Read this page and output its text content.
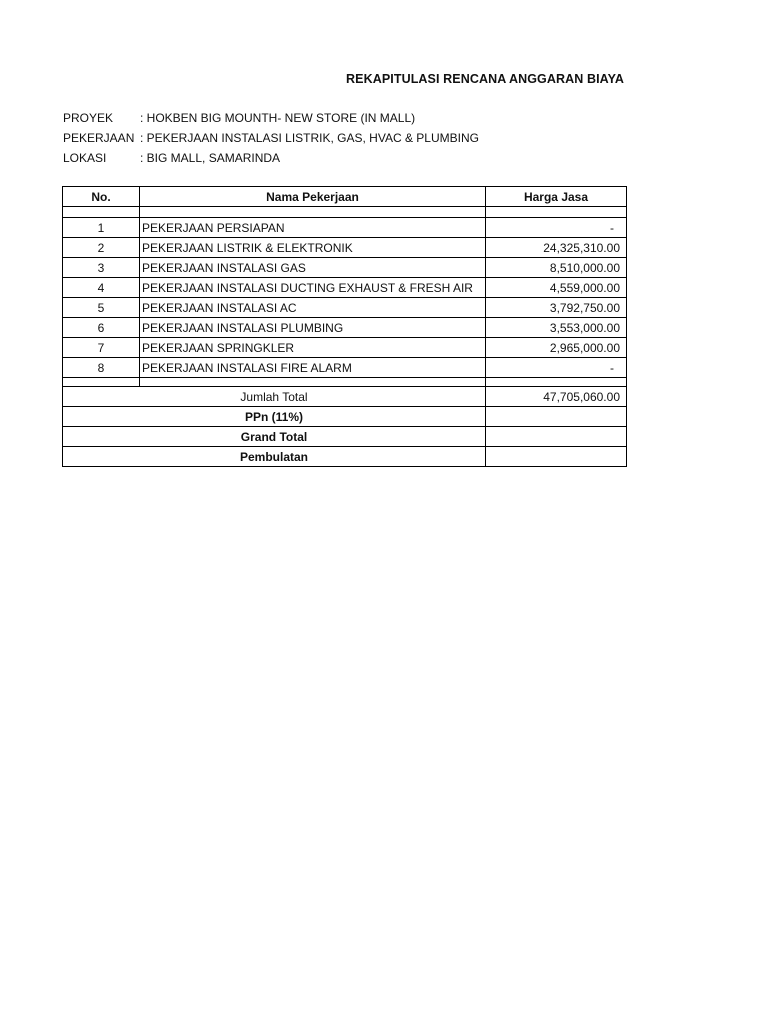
REKAPITULASI RENCANA ANGGARAN BIAYA
PROYEK : HOKBEN BIG MOUNTH- NEW STORE (IN MALL)
PEKERJAAN : PEKERJAAN INSTALASI LISTRIK, GAS, HVAC & PLUMBING
LOKASI	: BIG MALL, SAMARINDA
No.	Nama Pekerjaan	Harga Jasa

1	PEKERJAAN PERSIAPAN	-
2	PEKERJAAN LISTRIK & ELEKTRONIK	24,325,310.00
3	PEKERJAAN INSTALASI GAS	8,510,000.00
4	PEKERJAAN INSTALASI DUCTING EXHAUST & FRESH AIR	4,559,000.00
5	PEKERJAAN INSTALASI AC	3,792,750.00
6	PEKERJAAN INSTALASI PLUMBING	3,553,000.00
7	PEKERJAAN SPRINGKLER	2,965,000.00
8	PEKERJAAN INSTALASI FIRE ALARM	-

Jumlah Total		47,705,060.00
PPn (11%)		
Grand Total		
Pembulatan		
